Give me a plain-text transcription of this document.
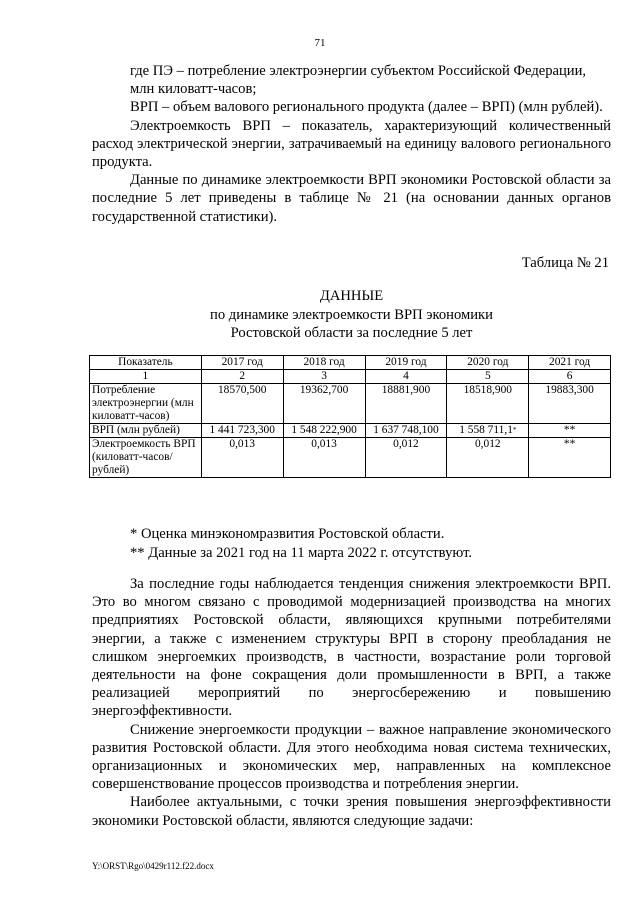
71

где ПЭ – потребление электроэнергии субъектом Российской Федерации,

млн киловатт-часов;

ВРП – объем валового регионального продукта (далее – ВРП) (млн рублей).

Электроемкость ВРП – показатель, характеризующий количественный расход электрической энергии, затрачиваемый на единицу валового регионального продукта.

Данные по динамике электроемкости ВРП экономики Ростовской области за последние 5 лет приведены в таблице № 21 (на основании данных органов государственной статистики).

Таблица № 21
ДАННЫЕ
по динамике электроемкости ВРП экономики
Ростовской области за последние 5 лет
Показатель	2017 год	2018 год	2019 год	2020 год	2021 год
1	2	3	4	5	6
Потребление электроэнергии (млн киловатт-часов)	18570,500	19362,700	18881,900	18518,900	19883,300
ВРП (млн рублей)	1 441 723,300	1 548 222,900	1 637 748,100	1 558 711,1*	**
Электроемкость ВРП (киловатт-часов/рублей)	0,013	0,013	0,012	0,012	**
* Оценка минэкономразвития Ростовской области.
** Данные за 2021 год на 11 марта 2022 г. отсутствуют.

За последние годы наблюдается тенденция снижения электроемкости ВРП. Это во многом связано с проводимой модернизацией производства на многих предприятиях Ростовской области, являющихся крупными потребителями энергии, а также с изменением структуры ВРП в сторону преобладания не слишком энергоемких производств, в частности, возрастание роли торговой деятельности на фоне сокращения доли промышленности в ВРП, а также реализацией мероприятий по энергосбережению и повышению энергоэффективности.

Снижение энергоемкости продукции – важное направление экономического развития Ростовской области. Для этого необходима новая система технических, организационных и экономических мер, направленных на комплексное совершенствование процессов производства и потребления энергии.

Наиболее актуальными, с точки зрения повышения энергоэффективности экономики Ростовской области, являются следующие задачи:

Y:\ORST\Rgo\0429r112.f22.docx
